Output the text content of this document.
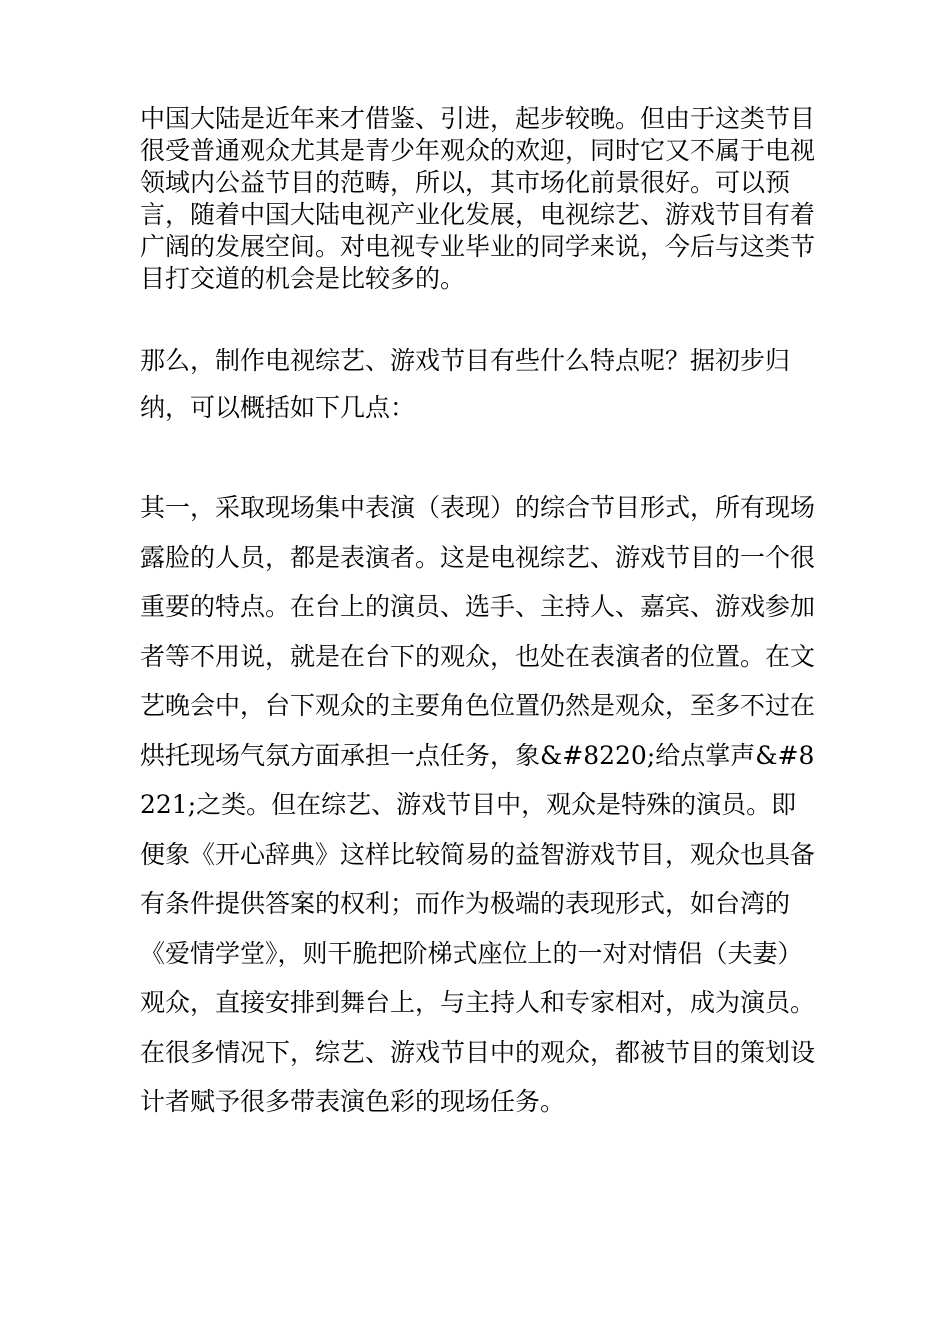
中国大陆是近年来才借鉴、引进，起步较晚。但由于这类节目很受普通观众尤其是青少年观众的欢迎，同时它又不属于电视领域内公益节目的范畴，所以，其市场化前景很好。可以预言，随着中国大陆电视产业化发展，电视综艺、游戏节目有着广阔的发展空间。对电视专业毕业的同学来说，今后与这类节目打交道的机会是比较多的。

那么，制作电视综艺、游戏节目有些什么特点呢？据初步归纳，可以概括如下几点：

其一，采取现场集中表演（表现）的综合节目形式，所有现场露脸的人员，都是表演者。这是电视综艺、游戏节目的一个很重要的特点。在台上的演员、选手、主持人、嘉宾、游戏参加者等不用说，就是在台下的观众，也处在表演者的位置。在文艺晚会中，台下观众的主要角色位置仍然是观众，至多不过在烘托现场气氛方面承担一点任务，象&#8220;给点掌声&#8221;之类。但在综艺、游戏节目中，观众是特殊的演员。即便象《开心辞典》这样比较简易的益智游戏节目，观众也具备有条件提供答案的权利；而作为极端的表现形式，如台湾的《爱情学堂》，则干脆把阶梯式座位上的一对对情侣（夫妻）观众，直接安排到舞台上，与主持人和专家相对，成为演员。在很多情况下，综艺、游戏节目中的观众，都被节目的策划设计者赋予很多带表演色彩的现场任务。
